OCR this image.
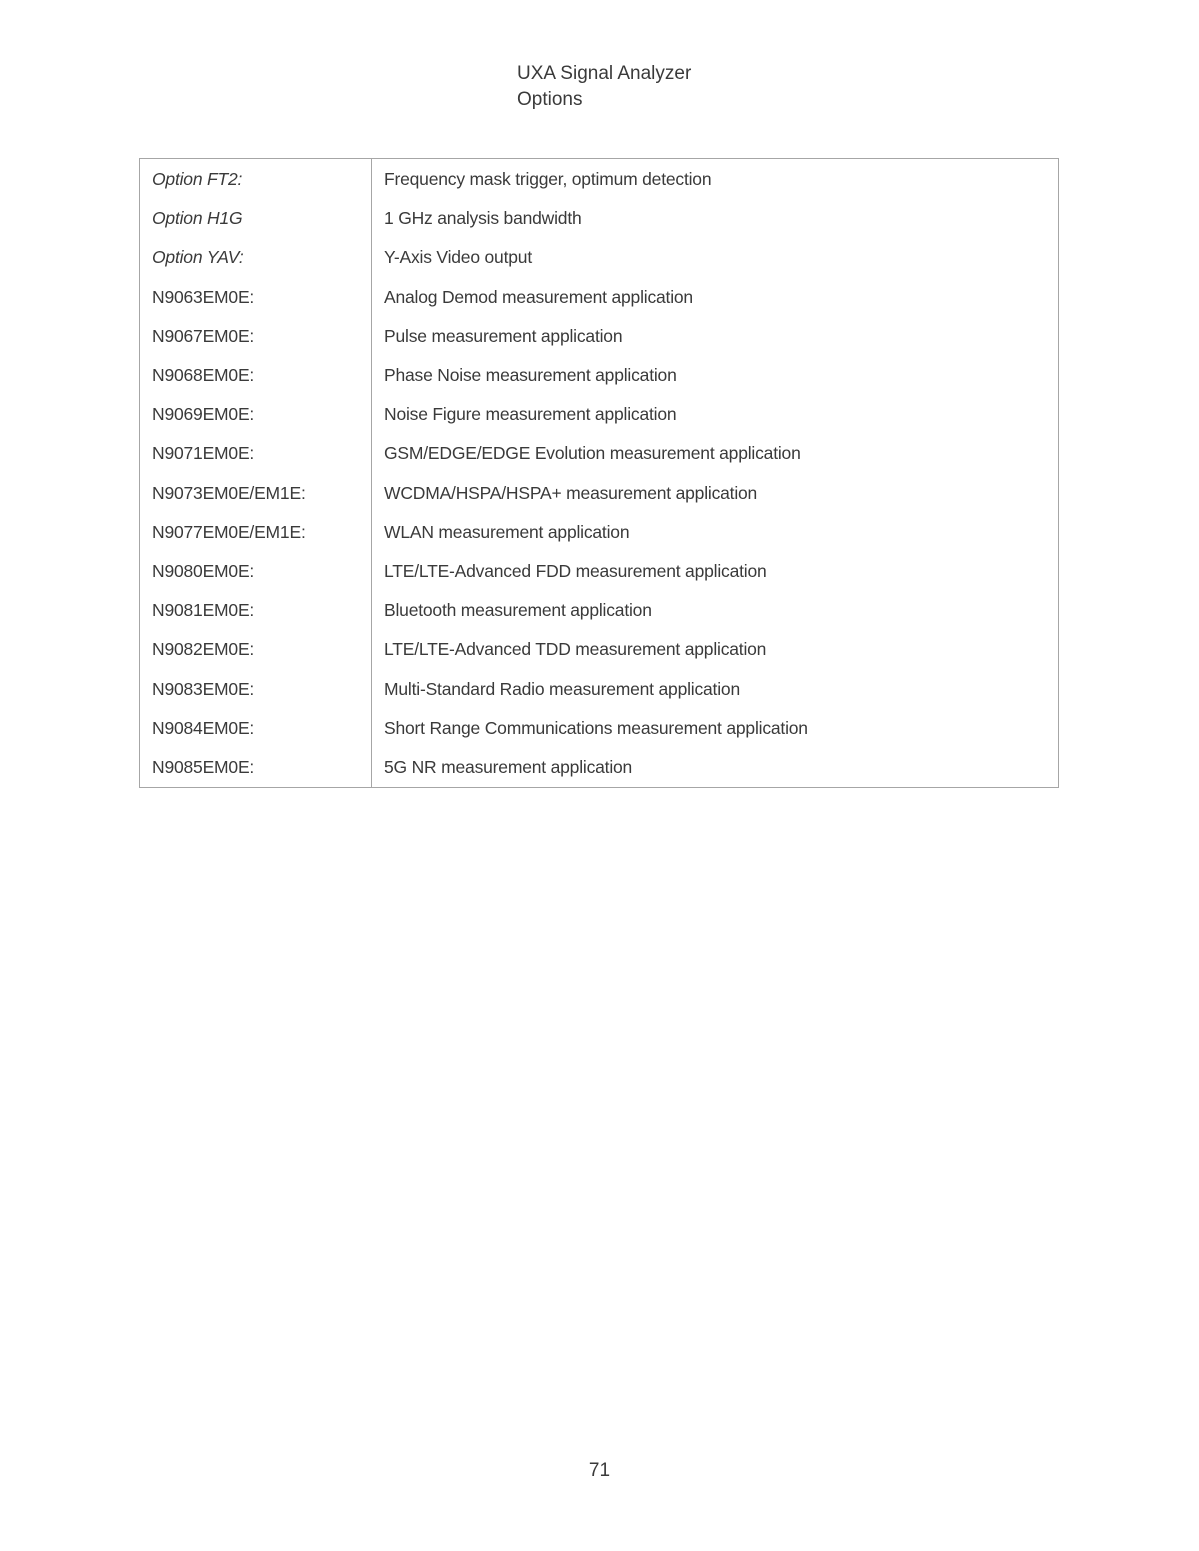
UXA Signal Analyzer
Options
Option FT2:	Frequency mask trigger, optimum detection
Option H1G	1 GHz analysis bandwidth
Option YAV:	Y-Axis Video output
N9063EM0E:	Analog Demod measurement application
N9067EM0E:	Pulse measurement application
N9068EM0E:	Phase Noise measurement application
N9069EM0E:	Noise Figure measurement application
N9071EM0E:	GSM/EDGE/EDGE Evolution measurement application
N9073EM0E/EM1E:	WCDMA/HSPA/HSPA+ measurement application
N9077EM0E/EM1E:	WLAN measurement application
N9080EM0E:	LTE/LTE-Advanced FDD measurement application
N9081EM0E:	Bluetooth measurement application
N9082EM0E:	LTE/LTE-Advanced TDD measurement application
N9083EM0E:	Multi-Standard Radio measurement application
N9084EM0E:	Short Range Communications measurement application
N9085EM0E:	5G NR measurement application
71
